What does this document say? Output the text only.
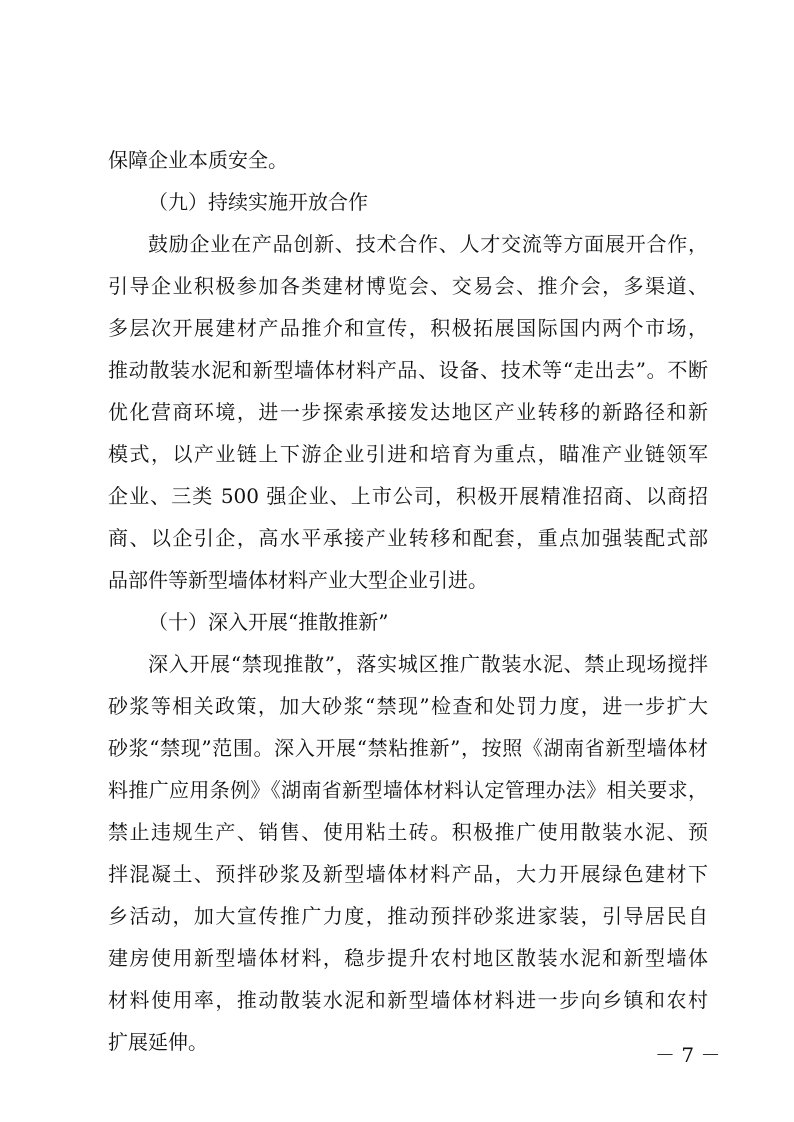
保障企业本质安全。
（九）持续实施开放合作
鼓励企业在产品创新、技术合作、人才交流等方面展开合作，
引导企业积极参加各类建材博览会、交易会、推介会，多渠道、
多层次开展建材产品推介和宣传，积极拓展国际国内两个市场，
推动散装水泥和新型墙体材料产品、设备、技术等“走出去”。不断
优化营商环境，进一步探索承接发达地区产业转移的新路径和新
模式，以产业链上下游企业引进和培育为重点，瞄准产业链领军
企业、三类 500 强企业、上市公司，积极开展精准招商、以商招
商、以企引企，高水平承接产业转移和配套，重点加强装配式部
品部件等新型墙体材料产业大型企业引进。
（十）深入开展“推散推新”
深入开展“禁现推散”，落实城区推广散装水泥、禁止现场搅拌
砂浆等相关政策，加大砂浆“禁现”检查和处罚力度，进一步扩大
砂浆“禁现”范围。深入开展“禁粘推新”，按照《湖南省新型墙体材
料推广应用条例》《湖南省新型墙体材料认定管理办法》相关要求，
禁止违规生产、销售、使用粘土砖。积极推广使用散装水泥、预
拌混凝土、预拌砂浆及新型墙体材料产品，大力开展绿色建材下
乡活动，加大宣传推广力度，推动预拌砂浆进家装，引导居民自
建房使用新型墙体材料，稳步提升农村地区散装水泥和新型墙体
材料使用率，推动散装水泥和新型墙体材料进一步向乡镇和农村
扩展延伸。
－ 7 －
